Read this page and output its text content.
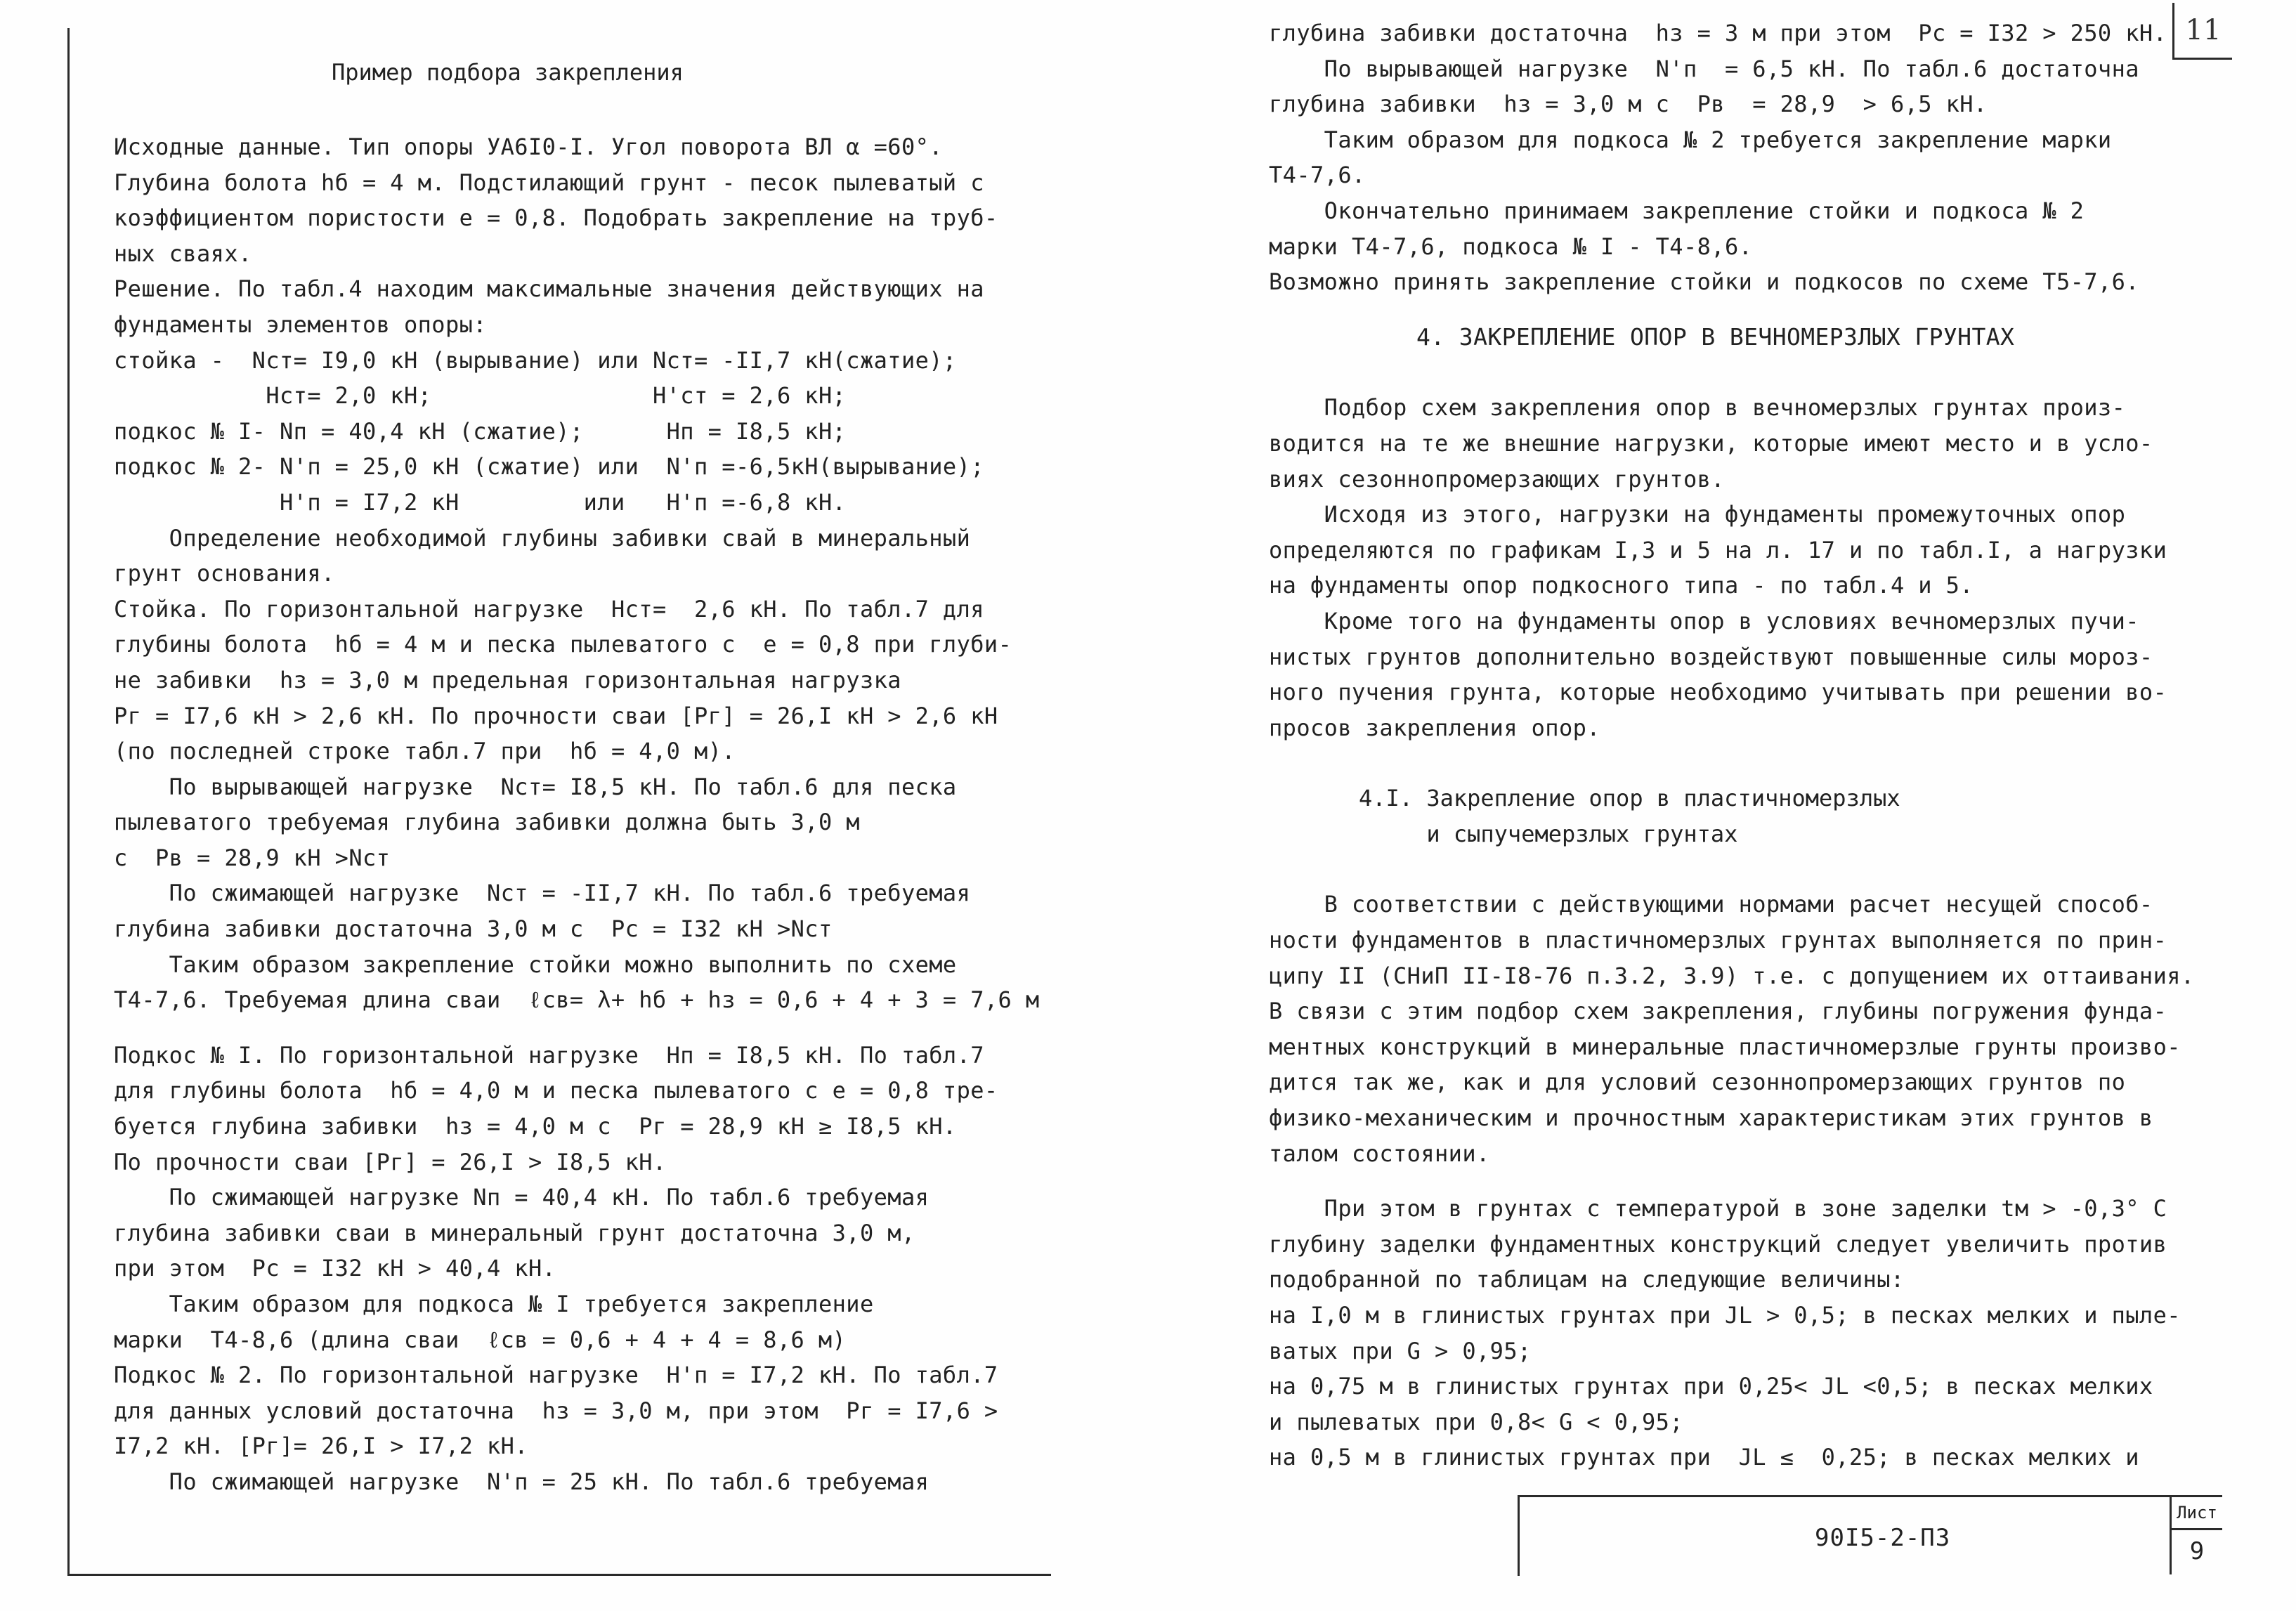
Пример подбора закрепления
Исходные данные. Тип опоры УА6I0-I. Угол поворота ВЛ α =60°.
Глубина болота hб = 4 м. Подстилающий грунт - песок пылеватый с
коэффициентом пористости e = 0,8. Подобрать закрепление на труб-
ных сваях.
Решение. По табл.4 находим максимальные значения действующих на
фундаменты элементов опоры:
стойка -  Nст= I9,0 кН (вырывание) или Nст= -II,7 кН(сжатие);
Hст= 2,0 кН;                H'ст = 2,6 кН;
подкос № I- Nп = 40,4 кН (сжатие);      Hп = I8,5 кН;
подкос № 2- N'п = 25,0 кН (сжатие) или  N'п =-6,5кН(вырывание);
H'п = I7,2 кН         или   H'п =-6,8 кН.
Определение необходимой глубины забивки свай в минеральный
грунт основания.
Стойка. По горизонтальной нагрузке  Hст=  2,6 кН. По табл.7 для
глубины болота  hб = 4 м и песка пылеватого с  e = 0,8 при глуби-
не забивки  hз = 3,0 м предельная горизонтальная нагрузка
Pг = I7,6 кН > 2,6 кН. По прочности сваи [Pг] = 26,I кН > 2,6 кН
(по последней строке табл.7 при  hб = 4,0 м).
По вырывающей нагрузке  Nст= I8,5 кН. По табл.6 для песка
пылеватого требуемая глубина забивки должна быть 3,0 м
с  Pв = 28,9 кН >Nст
По сжимающей нагрузке  Nст = -II,7 кН. По табл.6 требуемая
глубина забивки достаточна 3,0 м с  Pс = I32 кН >Nст
Таким образом закрепление стойки можно выполнить по схеме
T4-7,6. Требуемая длина сваи  ℓсв= λ+ hб + hз = 0,6 + 4 + 3 = 7,6 м
Подкос № I. По горизонтальной нагрузке  Hп = I8,5 кН. По табл.7
для глубины болота  hб = 4,0 м и песка пылеватого с e = 0,8 тре-
буется глубина забивки  hз = 4,0 м с  Pг = 28,9 кН ≥ I8,5 кН.
По прочности сваи [Pг] = 26,I > I8,5 кН.
По сжимающей нагрузке Nп = 40,4 кН. По табл.6 требуемая
глубина забивки сваи в минеральный грунт достаточна 3,0 м,
при этом  Pс = I32 кН > 40,4 кН.
Таким образом для подкоса № I требуется закрепление
марки  T4-8,6 (длина сваи  ℓсв = 0,6 + 4 + 4 = 8,6 м)
Подкос № 2. По горизонтальной нагрузке  H'п = I7,2 кН. По табл.7
для данных условий достаточна  hз = 3,0 м, при этом  Pг = I7,6 >
I7,2 кН. [Pг]= 26,I > I7,2 кН.
По сжимающей нагрузке  N'п = 25 кН. По табл.6 требуемая
11
глубина забивки достаточна  hз = 3 м при этом  Pс = I32 > 250 кН.
По вырывающей нагрузке  N'п  = 6,5 кН. По табл.6 достаточна
глубина забивки  hз = 3,0 м с  Pв  = 28,9  > 6,5 кН.
Таким образом для подкоса № 2 требуется закрепление марки
T4-7,6.
Окончательно принимаем закрепление стойки и подкоса № 2
марки T4-7,6, подкоса № I - T4-8,6.
Возможно принять закрепление стойки и подкосов по схеме T5-7,6.
4. ЗАКРЕПЛЕНИЕ ОПОР В ВЕЧНОМЕРЗЛЫХ ГРУНТАХ
Подбор схем закрепления опор в вечномерзлых грунтах произ-
водится на те же внешние нагрузки, которые имеют место и в усло-
виях сезоннопромерзающих грунтов.
Исходя из этого, нагрузки на фундаменты промежуточных опор
определяются по графикам I,3 и 5 на л. 17 и по табл.I, а нагрузки
на фундаменты опор подкосного типа - по табл.4 и 5.
Кроме того на фундаменты опор в условиях вечномерзлых пучи-
нистых грунтов дополнительно воздействуют повышенные силы мороз-
ного пучения грунта, которые необходимо учитывать при решении во-
просов закрепления опор.
4.I. Закрепление опор в пластичномерзлых
и сыпучемерзлых грунтах
В соответствии с действующими нормами расчет несущей способ-
ности фундаментов в пластичномерзлых грунтах выполняется по прин-
ципу II (СНиП II-I8-76 п.3.2, 3.9) т.е. с допущением их оттаивания.
В связи с этим подбор схем закрепления, глубины погружения фунда-
ментных конструкций в минеральные пластичномерзлые грунты произво-
дится так же, как и для условий сезоннопромерзающих грунтов по
физико-механическим и прочностным характеристикам этих грунтов в
талом состоянии.
При этом в грунтах с температурой в зоне заделки tм > -0,3° С
глубину заделки фундаментных конструкций следует увеличить против
подобранной по таблицам на следующие величины:
на I,0 м в глинистых грунтах при JL > 0,5; в песках мелких и пыле-
ватых при G > 0,95;
на 0,75 м в глинистых грунтах при 0,25< JL <0,5; в песках мелких
и пылеватых при 0,8< G < 0,95;
на 0,5 м в глинистых грунтах при  JL ≤  0,25; в песках мелких и
90I5-2-ПЗ
Лист
9
